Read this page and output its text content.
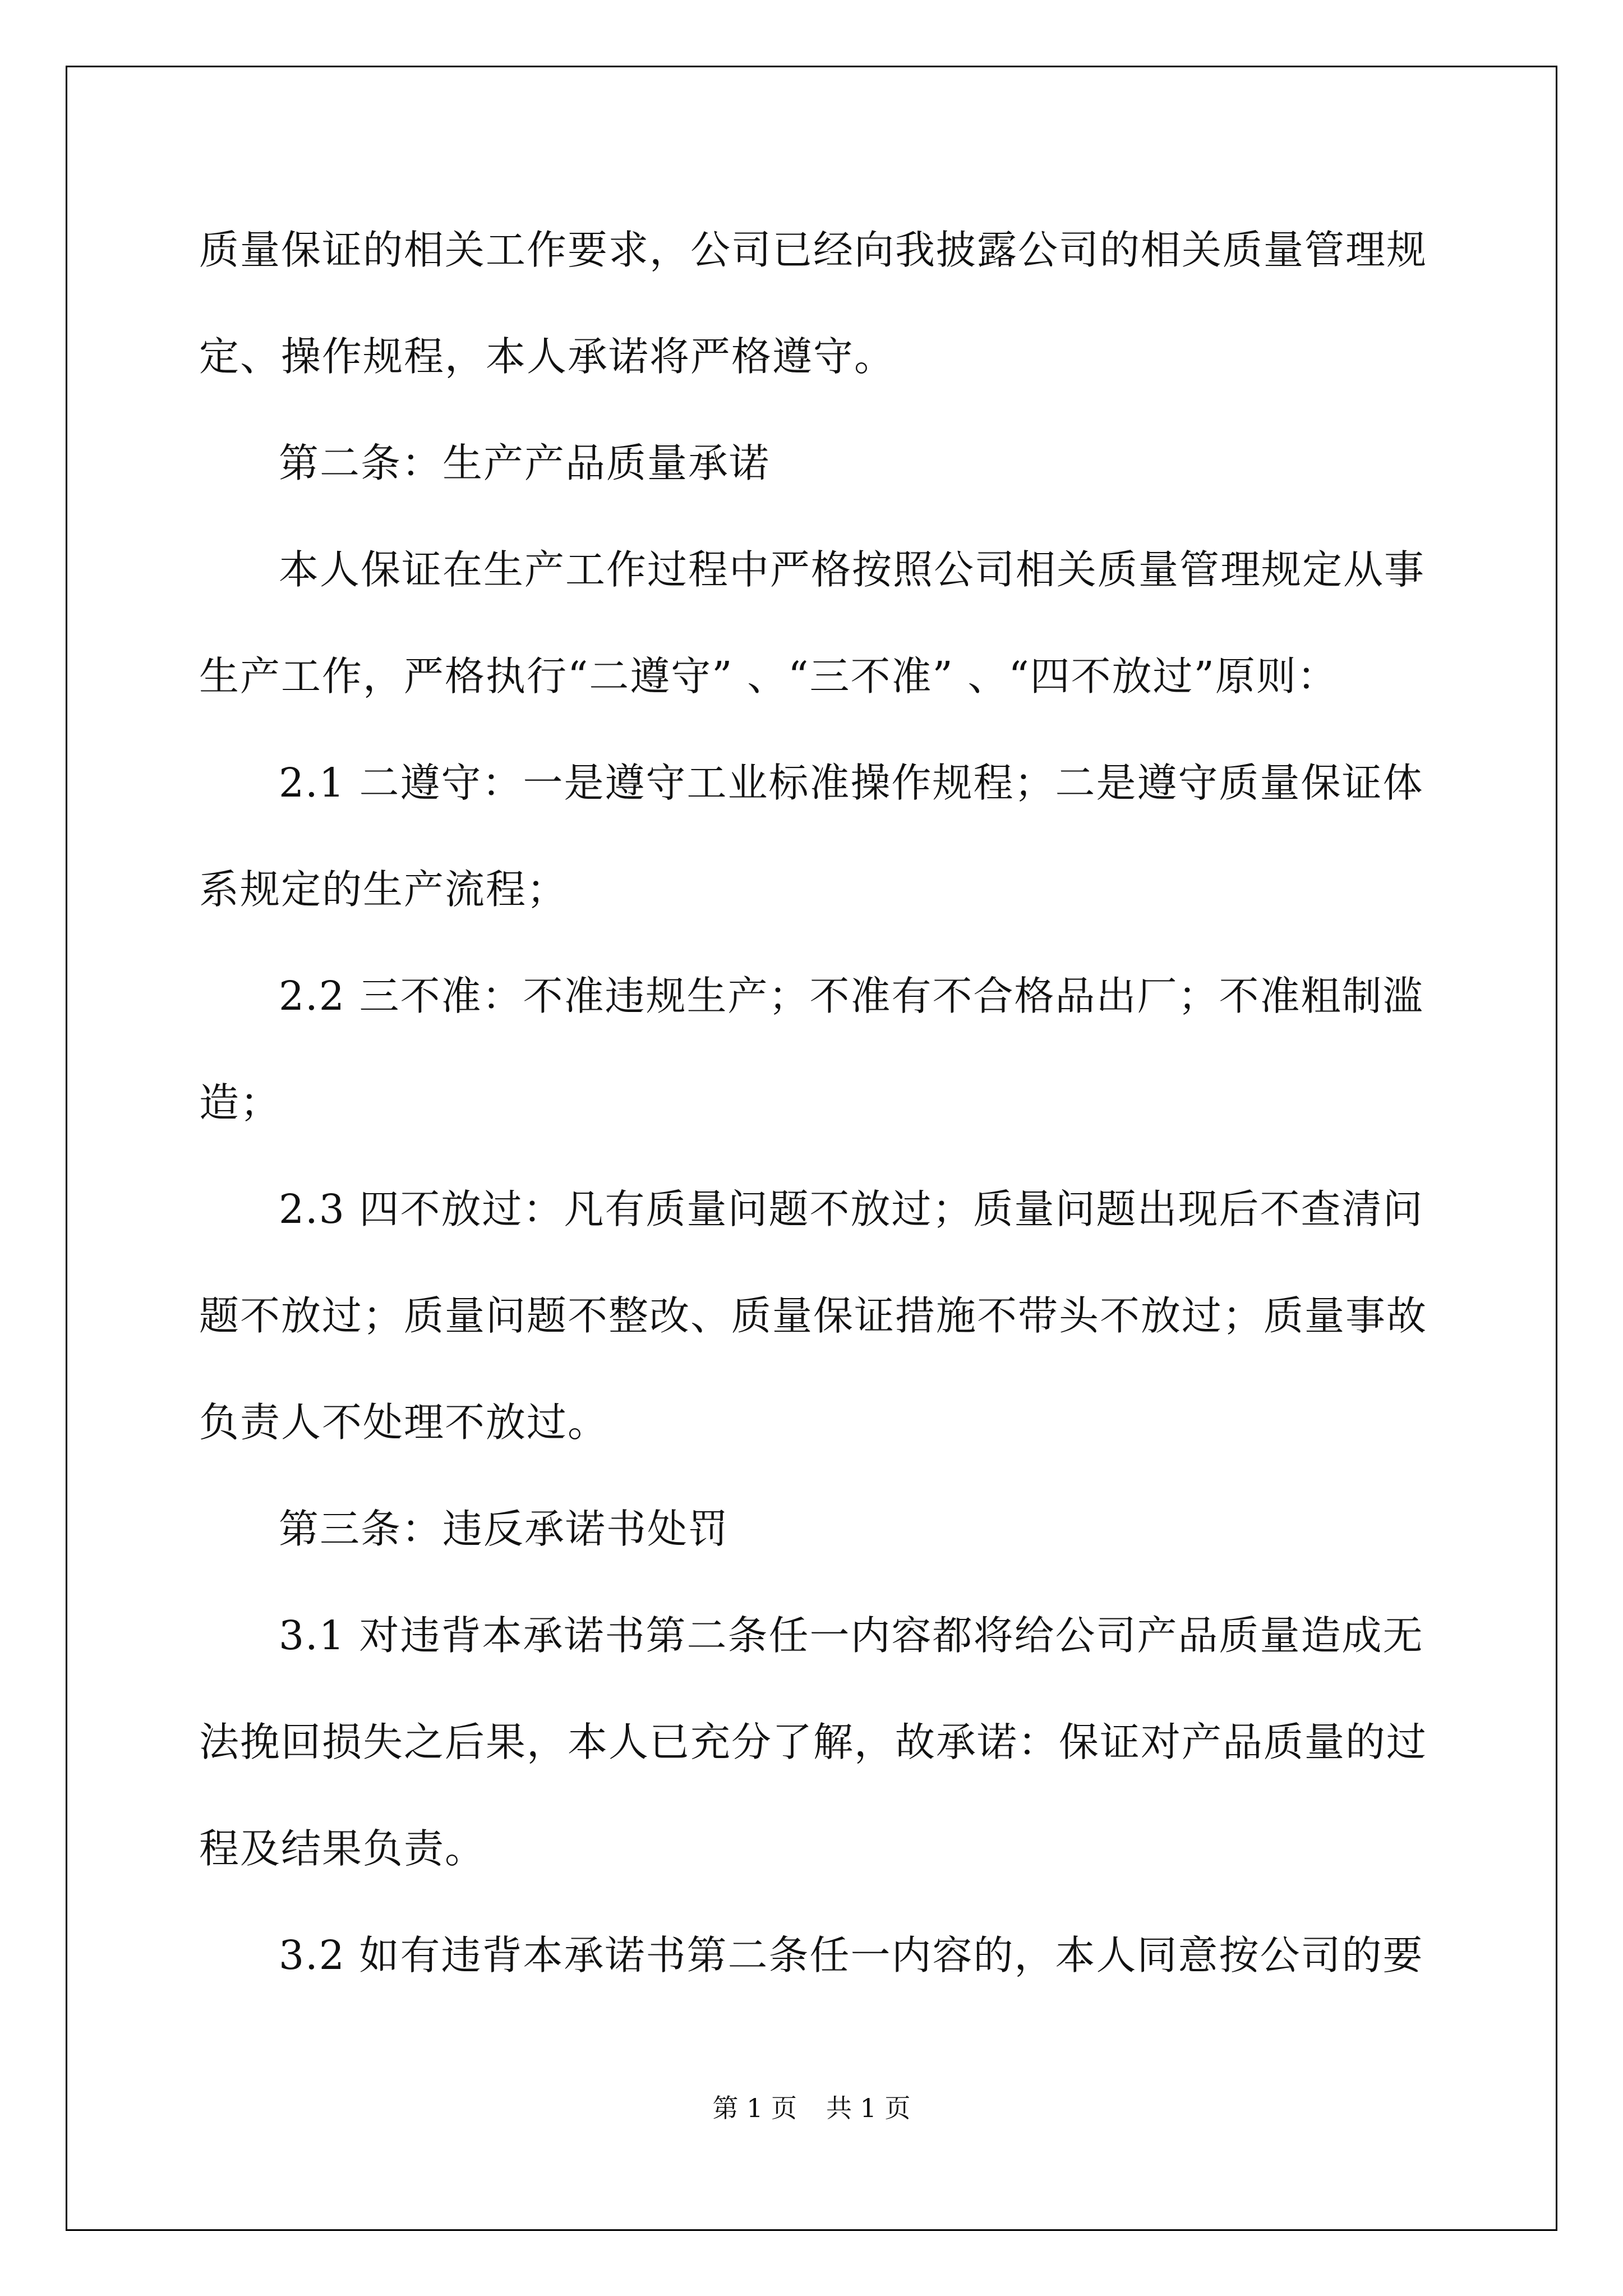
质量保证的相关工作要求，公司已经向我披露公司的相关质量管理规
定、操作规程，本人承诺将严格遵守。
第二条：生产产品质量承诺
本人保证在生产工作过程中严格按照公司相关质量管理规定从事
生产工作，严格执行“二遵守” 、“三不准” 、“四不放过”原则：
2.1 二遵守：一是遵守工业标准操作规程；二是遵守质量保证体
系规定的生产流程；
2.2 三不准：不准违规生产；不准有不合格品出厂；不准粗制滥
造；
2.3 四不放过：凡有质量问题不放过；质量问题出现后不查清问
题不放过；质量问题不整改、质量保证措施不带头不放过；质量事故
负责人不处理不放过。
第三条：违反承诺书处罚
3.1 对违背本承诺书第二条任一内容都将给公司产品质量造成无
法挽回损失之后果，本人已充分了解，故承诺：保证对产品质量的过
程及结果负责。
3.2 如有违背本承诺书第二条任一内容的，本人同意按公司的要
第 1 页 共 1 页
